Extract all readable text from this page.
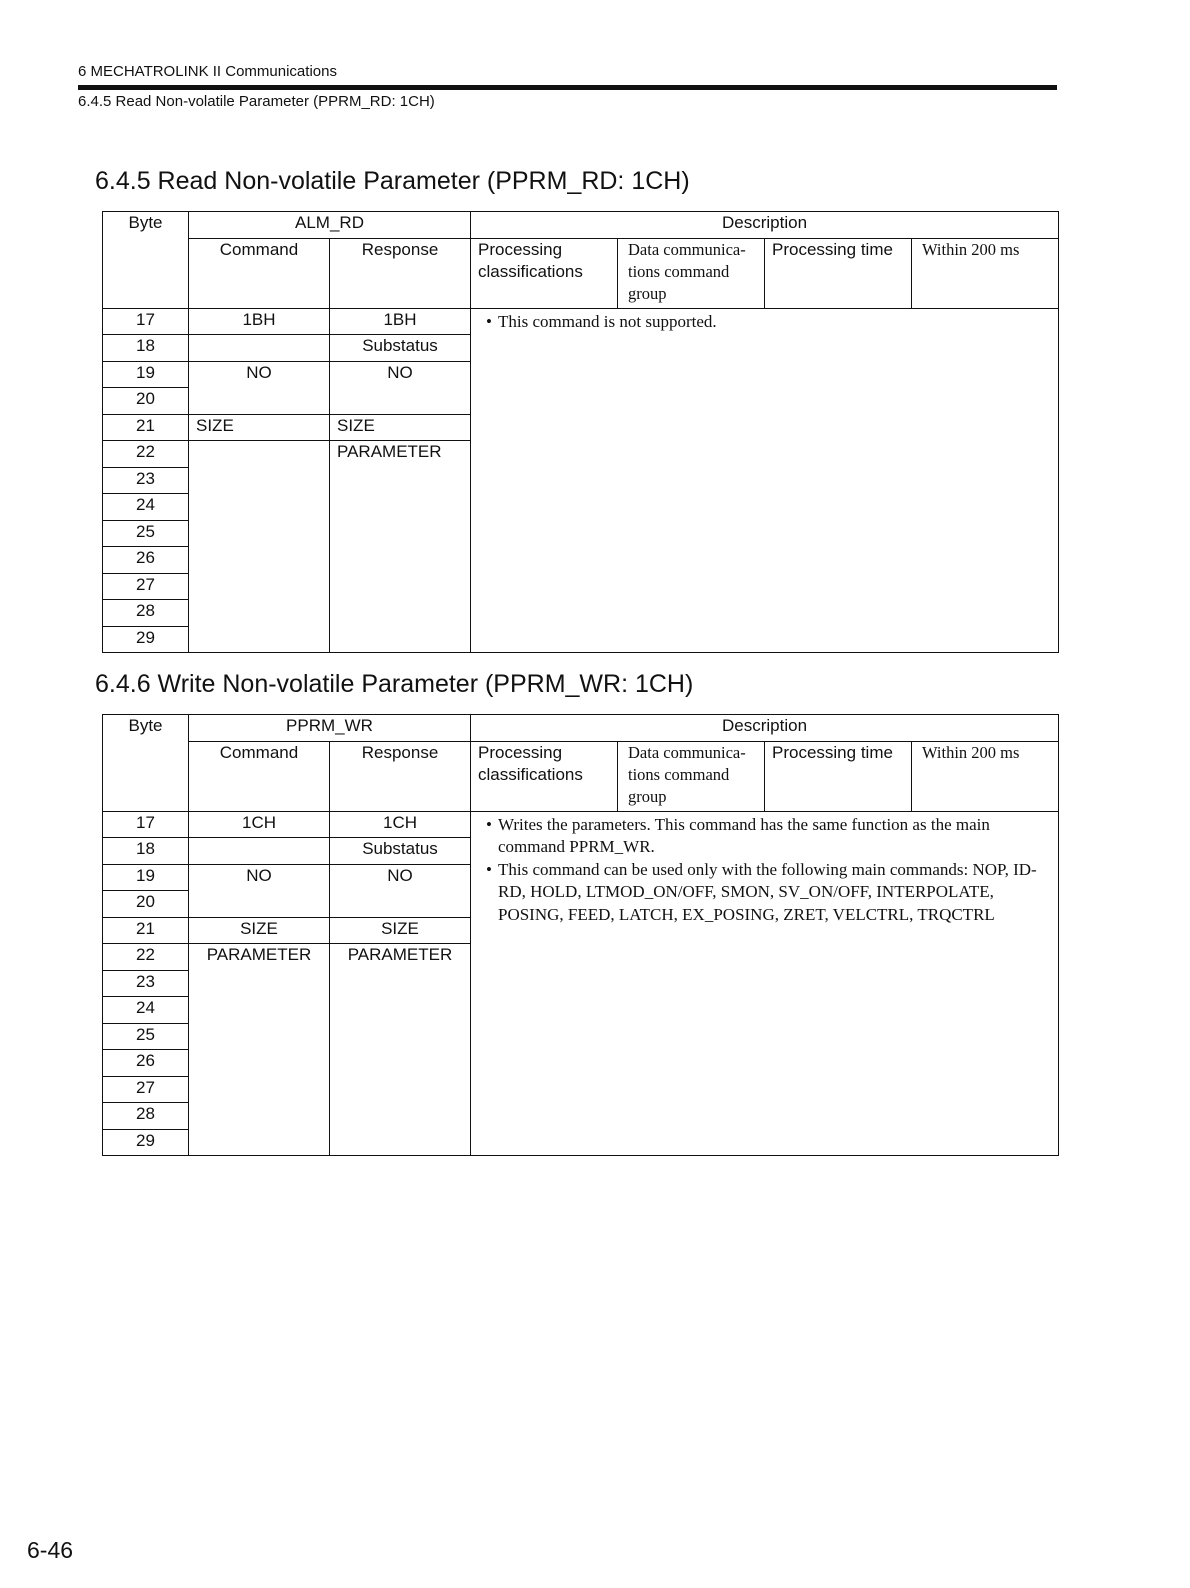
6 MECHATROLINK II Communications
6.4.5 Read Non-volatile Parameter (PPRM_RD: 1CH)
6.4.5 Read Non-volatile Parameter (PPRM_RD: 1CH)
Byte	ALM_RD		Description			
	Command	Response	Processing classifications	Data communica-tions command group	Processing time	Within 200 ms
17	1BH	1BH	• This command is not supported.

18		Substatus				
19	NO	NO				
20						
21	SIZE	SIZE				
22		PARAMETER				
23						
24						
25						
26						
27						
28						
29						
6.4.6 Write Non-volatile Parameter (PPRM_WR: 1CH)
Byte	PPRM_WR		Description			
	Command	Response	Processing classifications	Data communica-tions command group	Processing time	Within 200 ms
17	1CH	1CH	• Writes the parameters. This command has the same function as the main command PPRM_WR.

• This command can be used only with the following main commands: NOP, ID-RD, HOLD, LTMOD_ON/OFF, SMON, SV_ON/OFF, INTERPOLATE, POSING, FEED, LATCH, EX_POSING, ZRET, VELCTRL, TRQCTRL

18		Substatus				
19	NO	NO				
20						
21	SIZE	SIZE				
22	PARAMETER	PARAMETER				
23						
24						
25						
26						
27						
28						
29						
6-46
